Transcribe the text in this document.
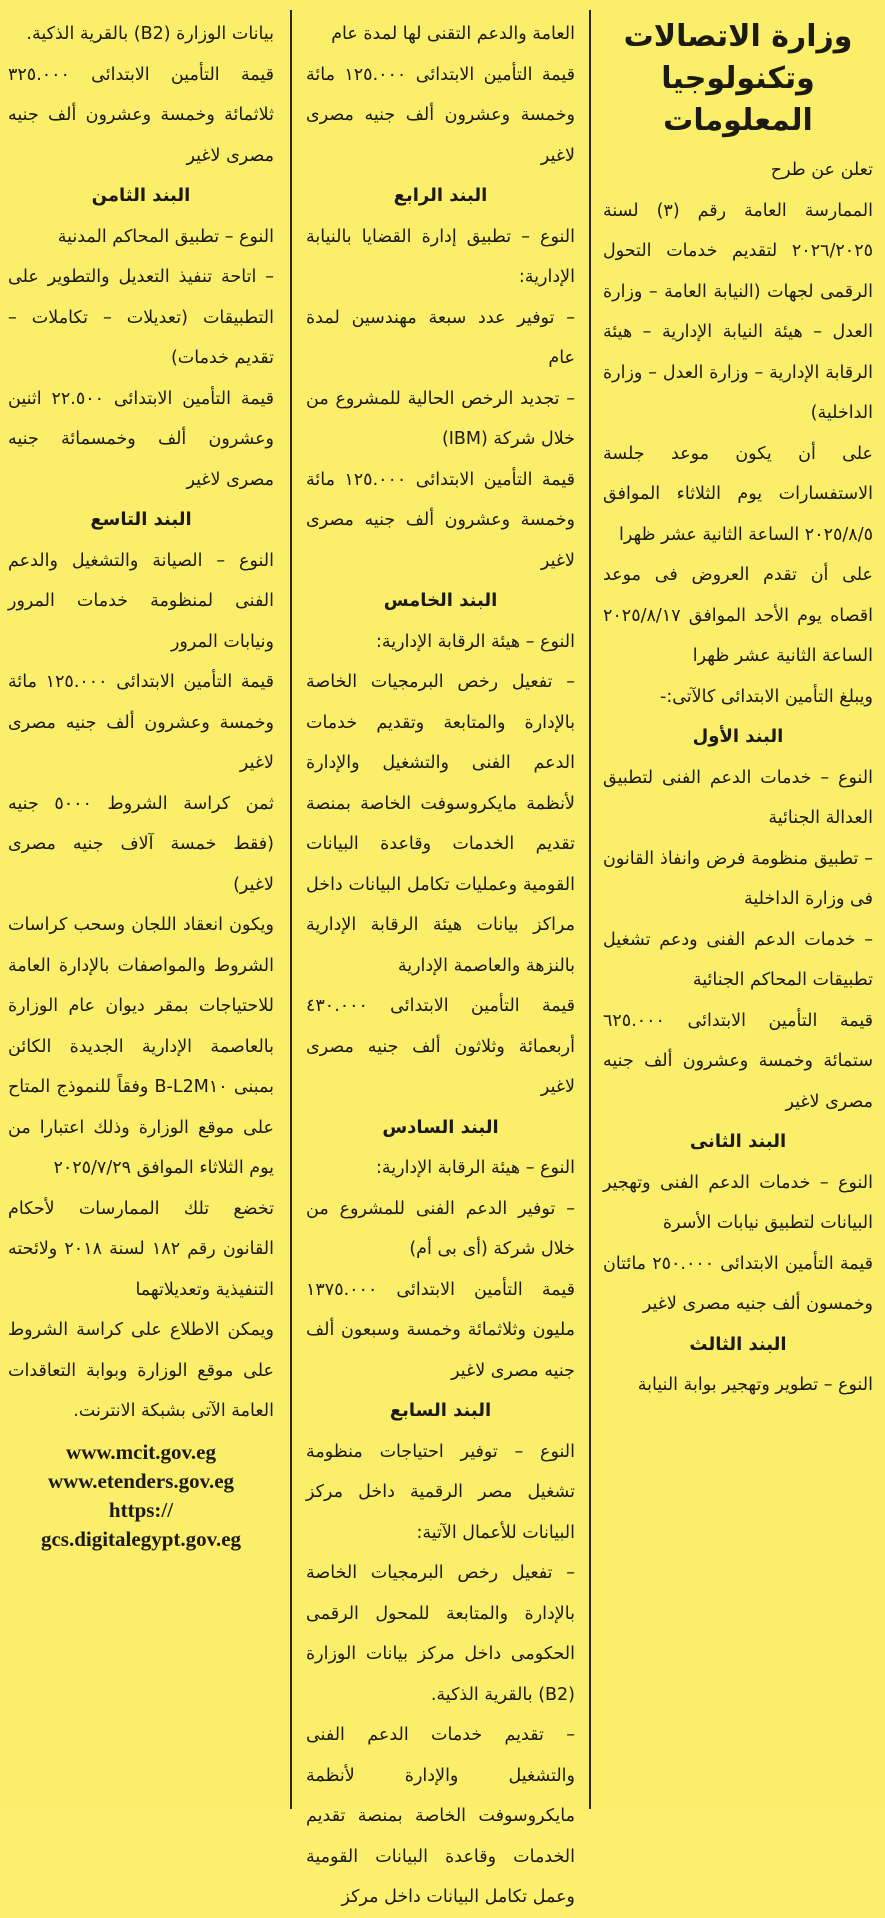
وزارة الاتصالات
وتكنولوجيا المعلومات

تعلن عن طرح
الممارسة العامة رقم (٣) لسنة ٢٠٢٦/٢٠٢٥ لتقديم خدمات التحول الرقمى لجهات (النيابة العامة – وزارة العدل – هيئة النيابة الإدارية – هيئة الرقابة الإدارية – وزارة العدل – وزارة الداخلية)
على أن يكون موعد جلسة الاستفسارات يوم الثلاثاء الموافق ٢٠٢٥/٨/٥ الساعة الثانية عشر ظهرا
على أن تقدم العروض فى موعد اقصاه يوم الأحد الموافق ٢٠٢٥/٨/١٧ الساعة الثانية عشر ظهرا
ويبلغ التأمين الابتدائى كالآتى:-

البند الأول

النوع – خدمات الدعم الفنى لتطبيق العدالة الجنائية
– تطبيق منظومة فرض وانفاذ القانون فى وزارة الداخلية
– خدمات الدعم الفنى ودعم تشغيل تطبيقات المحاكم الجنائية
قيمة التأمين الابتدائى ٦٢٥.٠٠٠ ستمائة وخمسة وعشرون ألف جنيه مصرى لاغير

البند الثانى

النوع – خدمات الدعم الفنى وتهجير البيانات لتطبيق نيابات الأسرة
قيمة التأمين الابتدائى ٢٥٠.٠٠٠ مائتان وخمسون ألف جنيه مصرى لاغير

البند الثالث

النوع – تطوير وتهجير بوابة النيابة

العامة والدعم التقنى لها لمدة عام
قيمة التأمين الابتدائى ١٢٥.٠٠٠ مائة وخمسة وعشرون ألف جنيه مصرى لاغير

البند الرابع

النوع – تطبيق إدارة القضايا بالنيابة الإدارية:
– توفير عدد سبعة مهندسين لمدة عام
– تجديد الرخص الحالية للمشروع من خلال شركة (IBM)
قيمة التأمين الابتدائى ١٢٥.٠٠٠ مائة وخمسة وعشرون ألف جنيه مصرى لاغير

البند الخامس

النوع – هيئة الرقابة الإدارية:
– تفعيل رخص البرمجيات الخاصة بالإدارة والمتابعة وتقديم خدمات الدعم الفنى والتشغيل والإدارة لأنظمة مايكروسوفت الخاصة بمنصة تقديم الخدمات وقاعدة البيانات القومية وعمليات تكامل البيانات داخل مراكز بيانات هيئة الرقابة الإدارية بالنزهة والعاصمة الإدارية
قيمة التأمين الابتدائى ٤٣٠.٠٠٠ أربعمائة وثلاثون ألف جنيه مصرى لاغير

البند السادس

النوع – هيئة الرقابة الإدارية:
– توفير الدعم الفنى للمشروع من خلال شركة (أى بى أم)
قيمة التأمين الابتدائى ١٣٧٥.٠٠٠ مليون وثلاثمائة وخمسة وسبعون ألف جنيه مصرى لاغير

البند السابع

النوع – توفير احتياجات منظومة تشغيل مصر الرقمية داخل مركز البيانات للأعمال الآتية:
– تفعيل رخص البرمجيات الخاصة بالإدارة والمتابعة للمحول الرقمى الحكومى داخل مركز بيانات الوزارة (B2) بالقرية الذكية.
– تقديم خدمات الدعم الفنى والتشغيل والإدارة لأنظمة مايكروسوفت الخاصة بمنصة تقديم الخدمات وقاعدة البيانات القومية وعمل تكامل البيانات داخل مركز

بيانات الوزارة (B2) بالقرية الذكية.
قيمة التأمين الابتدائى ٣٢٥.٠٠٠ ثلاثمائة وخمسة وعشرون ألف جنيه مصرى لاغير

البند الثامن

النوع – تطبيق المحاكم المدنية
– اتاحة تنفيذ التعديل والتطوير على التطبيقات (تعديلات – تكاملات – تقديم خدمات)
قيمة التأمين الابتدائى ٢٢.٥٠٠ اثنين وعشرون ألف وخمسمائة جنيه مصرى لاغير

البند التاسع

النوع – الصيانة والتشغيل والدعم الفنى لمنظومة خدمات المرور ونيابات المرور
قيمة التأمين الابتدائى ١٢٥.٠٠٠ مائة وخمسة وعشرون ألف جنيه مصرى لاغير
ثمن كراسة الشروط ٥٠٠٠ جنيه (فقط خمسة آلاف جنيه مصرى لاغير)
ويكون انعقاد اللجان وسحب كراسات الشروط والمواصفات بالإدارة العامة للاحتياجات بمقر ديوان عام الوزارة بالعاصمة الإدارية الجديدة الكائن بمبنى B-L2M١٠ وفقاً للنموذج المتاح على موقع الوزارة وذلك اعتبارا من يوم الثلاثاء الموافق ٢٠٢٥/٧/٢٩
تخضع تلك الممارسات لأحكام القانون رقم ١٨٢ لسنة ٢٠١٨ ولائحته التنفيذية وتعديلاتهما
ويمكن الاطلاع على كراسة الشروط على موقع الوزارة وبوابة التعاقدات العامة الآتى بشبكة الانترنت.

www.mcit.gov.eg
www.etenders.gov.eg
https://
gcs.digitalegypt.gov.eg
